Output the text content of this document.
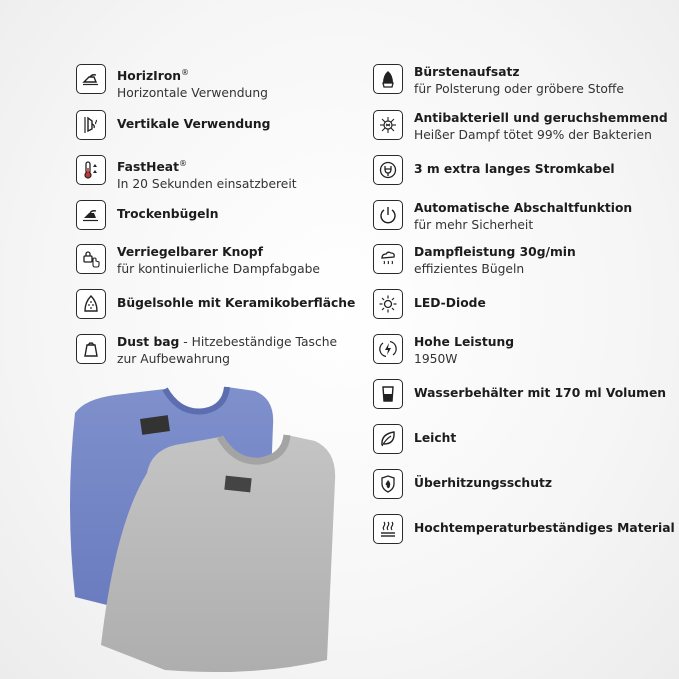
HorizIron®
Horizontale Verwendung
Vertikale Verwendung
FastHeat®
In 20 Sekunden einsatzbereit
Trockenbügeln
Verriegelbarer Knopf
für kontinuierliche Dampfabgabe
Bügelsohle mit Keramikoberfläche
Dust bag - Hitzebeständige Tasche
zur Aufbewahrung
Bürstenaufsatz
für Polsterung oder gröbere Stoffe
Antibakteriell und geruchshemmend
Heißer Dampf tötet 99% der Bakterien
3 m extra langes Stromkabel
Automatische Abschaltfunktion
für mehr Sicherheit
Dampfleistung 30g/min
effizientes Bügeln
LED-Diode
Hohe Leistung
1950W
Wasserbehälter mit 170 ml Volumen
Leicht
Überhitzungsschutz
Hochtemperaturbeständiges Material
